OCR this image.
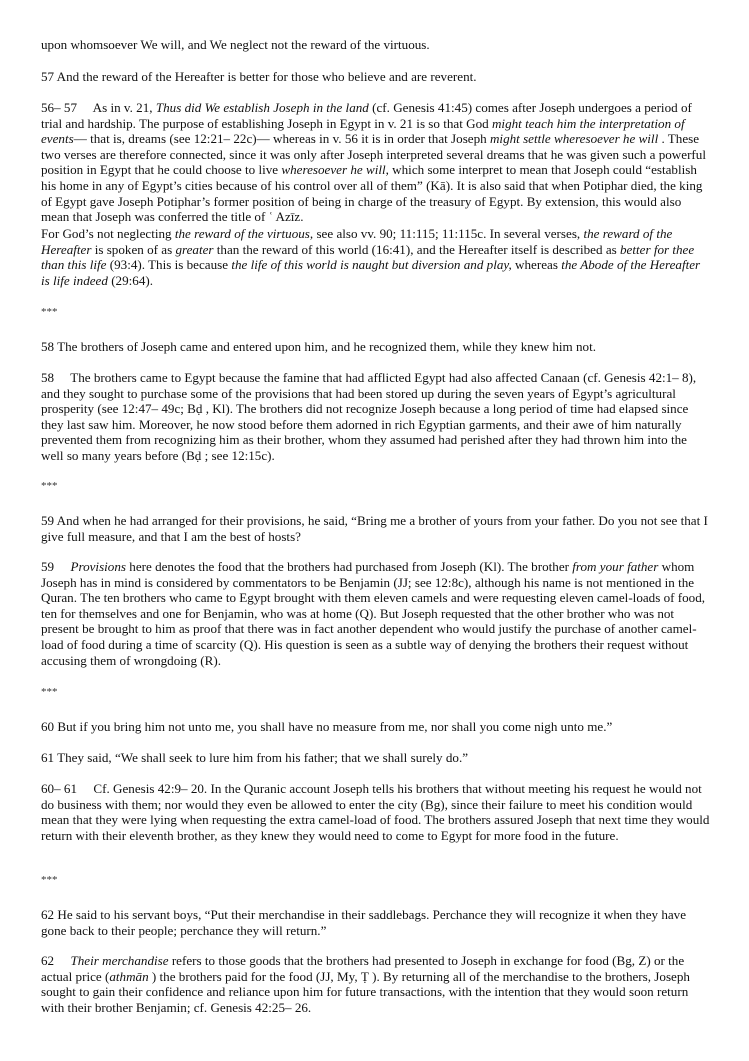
upon whomsoever We will, and We neglect not the reward of the virtuous.

57 And the reward of the Hereafter is better for those who believe and are reverent.

56– 57  As in v. 21, Thus did We establish Joseph in the land (cf. Genesis 41:45) comes after Joseph undergoes a period of trial and hardship. The purpose of establishing Joseph in Egypt in v. 21 is so that God might teach him the interpretation of events— that is, dreams (see 12:21– 22c)— whereas in v. 56 it is in order that Joseph might settle wheresoever he will . These two verses are therefore connected, since it was only after Joseph interpreted several dreams that he was given such a powerful position in Egypt that he could choose to live wheresoever he will, which some interpret to mean that Joseph could “establish his home in any of Egypt’s cities because of his control over all of them” (Kā). It is also said that when Potiphar died, the king of Egypt gave Joseph Potiphar’s former position of being in charge of the treasury of Egypt. By extension, this would also mean that Joseph was conferred the title of ʿ Azīz.

For God’s not neglecting the reward of the virtuous, see also vv. 90; 11:115; 11:115c. In several verses, the reward of the Hereafter is spoken of as greater than the reward of this world (16:41), and the Hereafter itself is described as better for thee than this life (93:4). This is because the life of this world is naught but diversion and play, whereas the Abode of the Hereafter is life indeed (29:64).

***

58 The brothers of Joseph came and entered upon him, and he recognized them, while they knew him not.

58  The brothers came to Egypt because the famine that had afflicted Egypt had also affected Canaan (cf. Genesis 42:1– 8), and they sought to purchase some of the provisions that had been stored up during the seven years of Egypt’s agricultural prosperity (see 12:47– 49c; Bḍ , Kl). The brothers did not recognize Joseph because a long period of time had elapsed since they last saw him. Moreover, he now stood before them adorned in rich Egyptian garments, and their awe of him naturally prevented them from recognizing him as their brother, whom they assumed had perished after they had thrown him into the well so many years before (Bḍ ; see 12:15c).

***

59 And when he had arranged for their provisions, he said, “Bring me a brother of yours from your father. Do you not see that I give full measure, and that I am the best of hosts?

59  Provisions here denotes the food that the brothers had purchased from Joseph (Kl). The brother from your father whom Joseph has in mind is considered by commentators to be Benjamin (JJ; see 12:8c), although his name is not mentioned in the Quran. The ten brothers who came to Egypt brought with them eleven camels and were requesting eleven camel-loads of food, ten for themselves and one for Benjamin, who was at home (Q). But Joseph requested that the other brother who was not present be brought to him as proof that there was in fact another dependent who would justify the purchase of another camel-load of food during a time of scarcity (Q). His question is seen as a subtle way of denying the brothers their request without accusing them of wrongdoing (R).

***

60 But if you bring him not unto me, you shall have no measure from me, nor shall you come nigh unto me.”

61 They said, “We shall seek to lure him from his father; that we shall surely do.”

60– 61  Cf. Genesis 42:9– 20. In the Quranic account Joseph tells his brothers that without meeting his request he would not do business with them; nor would they even be allowed to enter the city (Bg), since their failure to meet his condition would mean that they were lying when requesting the extra camel-load of food. The brothers assured Joseph that next time they would return with their eleventh brother, as they knew they would need to come to Egypt for more food in the future.

***

62 He said to his servant boys, “Put their merchandise in their saddlebags. Perchance they will recognize it when they have gone back to their people; perchance they will return.”

62  Their merchandise refers to those goods that the brothers had presented to Joseph in exchange for food (Bg, Z) or the actual price (athmān ) the brothers paid for the food (JJ, My, Ṭ ). By returning all of the merchandise to the brothers, Joseph sought to gain their confidence and reliance upon him for future transactions, with the intention that they would soon return with their brother Benjamin; cf. Genesis 42:25– 26.
